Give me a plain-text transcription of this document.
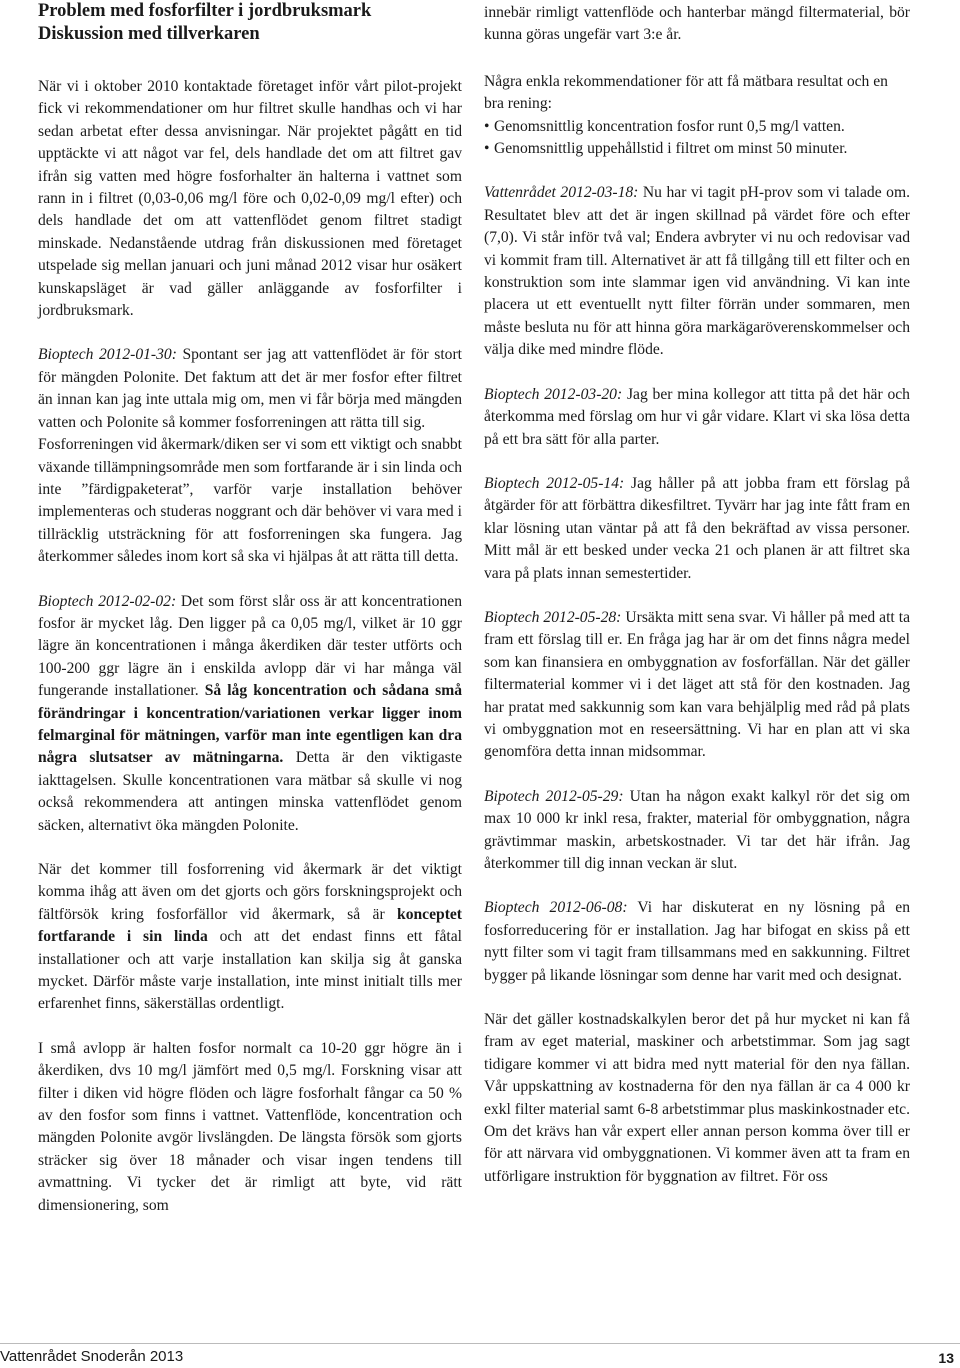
Problem med fosforfilter i jordbruksmark

Diskussion med tillverkaren

När vi i oktober 2010 kontaktade företaget inför vårt pilot-projekt fick vi rekommendationer om hur filtret skulle handhas och vi har sedan arbetat efter dessa anvisningar. När projektet pågått en tid upptäckte vi att något var fel, dels handlade det om att filtret gav ifrån sig vatten med högre fosforhalter än halterna i vattnet som rann in i filtret (0,03-0,06 mg/l före och 0,02-0,09 mg/l efter) och dels handlade det om att vattenflödet genom filtret stadigt minskade. Nedanstående utdrag från diskussionen med företaget utspelade sig mellan januari och juni månad 2012 visar hur osäkert kunskapsläget är vad gäller anläggande av fosforfilter i jordbruksmark.

Bioptech 2012-01-30: Spontant ser jag att vattenflödet är för stort för mängden Polonite. Det faktum att det är mer fosfor efter filtret än innan kan jag inte uttala mig om, men vi får börja med mängden vatten och Polonite så kommer fosforreningen att rätta till sig.

Fosforreningen vid åkermark/diken ser vi som ett viktigt och snabbt växande tillämpningsområde men som fortfarande är i sin linda och inte ”färdigpaketerat”, varför varje installation behöver implementeras och studeras noggrant och där behöver vi vara med i tillräcklig utsträckning för att fosforreningen ska fungera. Jag återkommer således inom kort så ska vi hjälpas åt att rätta till detta.

Bioptech 2012-02-02: Det som först slår oss är att koncentrationen fosfor är mycket låg. Den ligger på ca 0,05 mg/l, vilket är 10 ggr lägre än koncentrationen i många åkerdiken där tester utförts och 100-200 ggr lägre än i enskilda avlopp där vi har många väl fungerande installationer. Så låg koncentration och sådana små förändringar i koncentration/variationen verkar ligger inom felmarginal för mätningen, varför man inte egentligen kan dra några slutsatser av mätningarna. Detta är den viktigaste iakttagelsen. Skulle koncentrationen vara mätbar så skulle vi nog också rekommendera att antingen minska vattenflödet genom säcken, alternativt öka mängden Polonite.

När det kommer till fosforrening vid åkermark är det viktigt komma ihåg att även om det gjorts och görs forskningsprojekt och fältförsök kring fosforfällor vid åkermark, så är konceptet fortfarande i sin linda och att det endast finns ett fåtal installationer och att varje installation kan skilja sig åt ganska mycket. Därför måste varje installation, inte minst initialt tills mer erfarenhet finns, säkerställas ordentligt.

I små avlopp är halten fosfor normalt ca 10-20 ggr högre än i åkerdiken, dvs 10 mg/l jämfört med 0,5 mg/l. Forskning visar att filter i diken vid högre flöden och lägre fosforhalt fångar ca 50 % av den fosfor som finns i vattnet. Vattenflöde, koncentration och mängden Polonite avgör livslängden. De längsta försök som gjorts sträcker sig över 18 månader och visar ingen tendens till avmattning. Vi tycker det är rimligt att byte, vid rätt dimensionering, som

innebär rimligt vattenflöde och hanterbar mängd filtermaterial, bör kunna göras ungefär vart 3:e år.

Några enkla rekommendationer för att få mätbara resultat och en bra rening:

• Genomsnittlig koncentration fosfor runt 0,5 mg/l vatten.
• Genomsnittlig uppehållstid i filtret om minst 50 minuter.

Vattenrådet 2012-03-18: Nu har vi tagit pH-prov som vi talade om. Resultatet blev att det är ingen skillnad på värdet före och efter (7,0). Vi står inför två val; Endera avbryter vi nu och redovisar vad vi kommit fram till. Alternativet är att få tillgång till ett filter och en konstruktion som inte slammar igen vid användning. Vi kan inte placera ut ett eventuellt nytt filter förrän under sommaren, men måste besluta nu för att hinna göra markägaröverenskommelser och välja dike med mindre flöde.

Bioptech 2012-03-20: Jag ber mina kollegor att titta på det här och återkomma med förslag om hur vi går vidare. Klart vi ska lösa detta på ett bra sätt för alla parter.

Bioptech 2012-05-14: Jag håller på att jobba fram ett förslag på åtgärder för att förbättra dikesfiltret. Tyvärr har jag inte fått fram en klar lösning utan väntar på att få den bekräftad av vissa personer. Mitt mål är ett besked under vecka 21 och planen är att filtret ska vara på plats innan semestertider.

Bioptech 2012-05-28: Ursäkta mitt sena svar. Vi håller på med att ta fram ett förslag till er. En fråga jag har är om det finns några medel som kan finansiera en ombyggnation av fosforfällan. När det gäller filtermaterial kommer vi i det läget att stå för den kostnaden. Jag har pratat med sakkunnig som kan vara behjälplig med råd på plats vi ombyggnation mot en reseersättning. Vi har en plan att vi ska genomföra detta innan midsommar.

Bipotech 2012-05-29: Utan ha någon exakt kalkyl rör det sig om max 10 000 kr inkl resa, frakter, material för ombyggnation, några grävtimmar maskin, arbetskostnader. Vi tar det här ifrån. Jag återkommer till dig innan veckan är slut.

Bioptech 2012-06-08: Vi har diskuterat en ny lösning på en fosforreducering för er installation. Jag har bifogat en skiss på ett nytt filter som vi tagit fram tillsammans med en sakkunning. Filtret bygger på likande lösningar som denne har varit med och designat.

När det gäller kostnadskalkylen beror det på hur mycket ni kan få fram av eget material, maskiner och arbetstimmar. Som jag sagt tidigare kommer vi att bidra med nytt material för den nya fällan. Vår uppskattning av kostnaderna för den nya fällan är ca 4 000 kr exkl filter material samt 6-8 arbetstimmar plus maskinkostnader etc. Om det krävs han vår expert eller annan person komma över till er för att närvara vid ombyggnationen. Vi kommer även att ta fram en utförligare instruktion för byggnation av filtret. För oss

Vattenrådet Snoderån 2013	13
